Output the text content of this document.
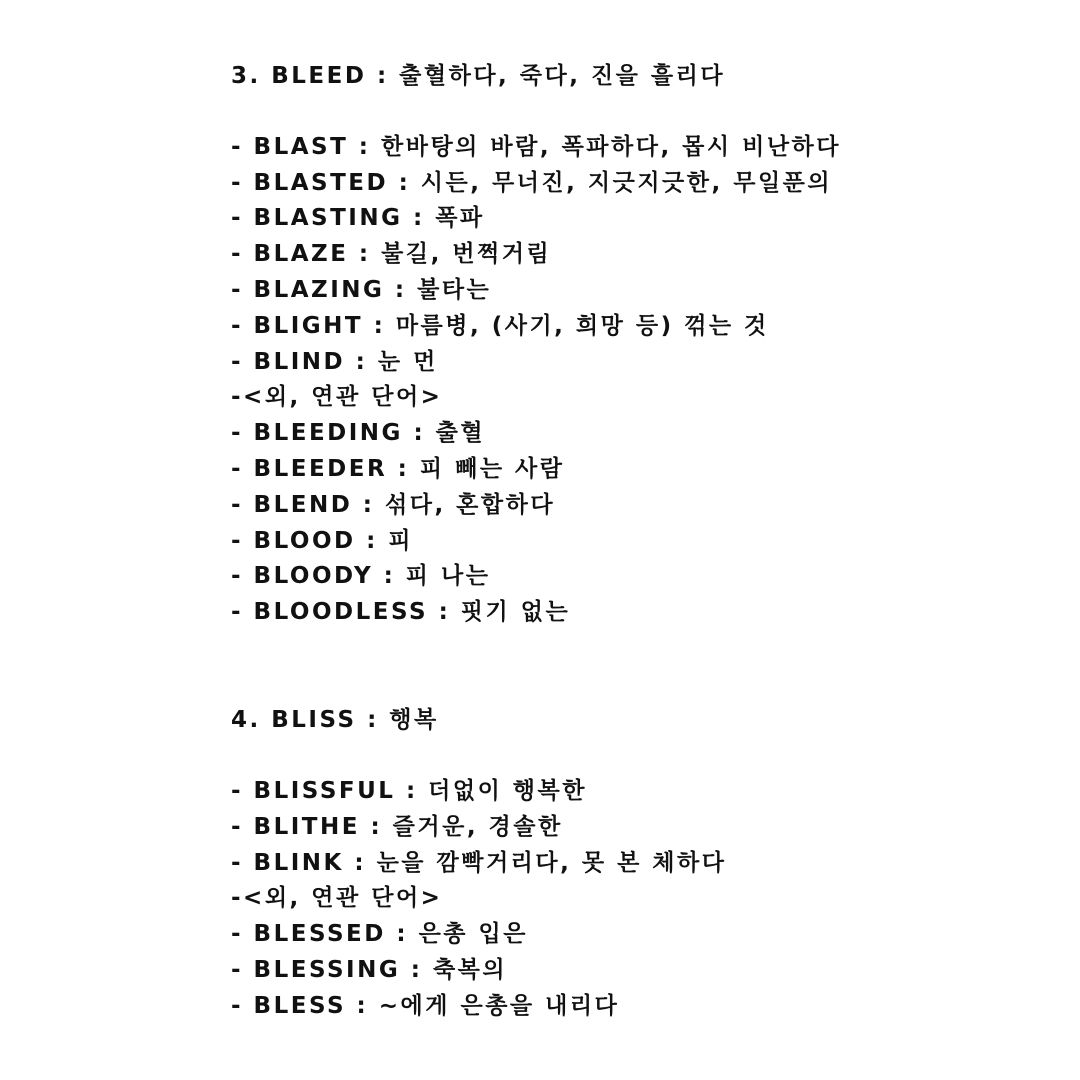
3. BLEED : 출혈하다, 죽다, 진을 흘리다
- BLAST : 한바탕의 바람, 폭파하다, 몹시 비난하다
- BLASTED : 시든, 무너진, 지긋지긋한, 무일푼의
- BLASTING : 폭파
- BLAZE : 불길, 번쩍거림
- BLAZING : 불타는
- BLIGHT : 마름병, (사기, 희망 등) 꺾는 것
- BLIND : 눈 먼
-<외, 연관 단어>
- BLEEDING : 출혈
- BLEEDER : 피 빼는 사람
- BLEND : 섞다, 혼합하다
- BLOOD : 피
- BLOODY : 피 나는
- BLOODLESS : 핏기 없는
4. BLISS : 행복
- BLISSFUL : 더없이 행복한
- BLITHE : 즐거운, 경솔한
- BLINK : 눈을 깜빡거리다, 못 본 체하다
-<외, 연관 단어>
- BLESSED : 은총 입은
- BLESSING : 축복의
- BLESS : ~에게 은총을 내리다
